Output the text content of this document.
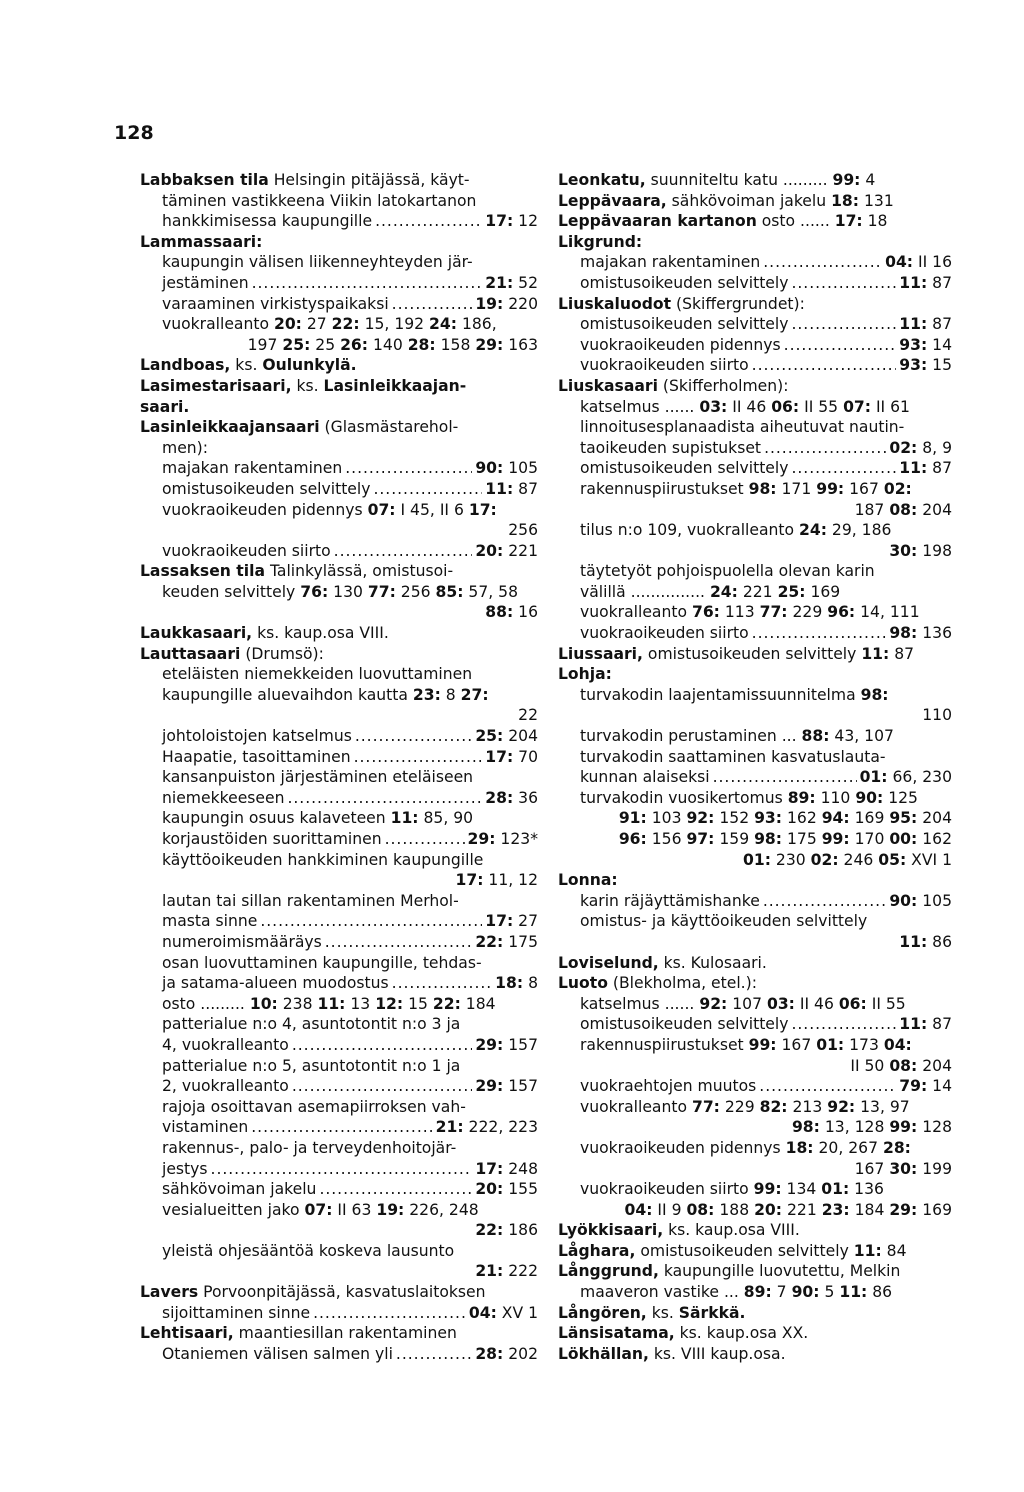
128
Labbaksen tila Helsingin pitäjässä, käyt-
täminen vastikkeena Viikin latokartanon
hankkimisessa kaupungille . . .	17: 12
Lammassaari:
kaupungin välisen liikenneyhteyden jär-
jestäminen . . .	21: 52
varaaminen virkistyspaikaksi . . .	19: 220
vuokralleanto 20: 27 22: 15, 192 24: 186,
197 25: 25 26: 140 28: 158 29: 163
Landboas, ks. Oulunkylä.
Lasimestarisaari, ks. Lasinleikkaajan-
saari.
Lasinleikkaajansaari (Glasmästarehol-
men):
majakan rakentaminen . . .	90: 105
omistusoikeuden selvittely . . .	11: 87
vuokraoikeuden pidennys 07: I 45, II 6 17:
256
vuokraoikeuden siirto . . .	20: 221
Lassaksen tila Talinkylässä, omistusoi-
keuden selvittely 76: 130 77: 256 85: 57, 58
88: 16
Laukkasaari, ks. kaup.osa VIII.
Lauttasaari (Drumsö):
eteläisten niemekkeiden luovuttaminen
kaupungille aluevaihdon kautta 23: 8 27:
22
johtoloistojen katselmus . . .	25: 204
Haapatie, tasoittaminen . . .	17: 70
kansanpuiston järjestäminen eteläiseen
niemekkeeseen . . .	28: 36
kaupungin osuus kalaveteen 11: 85, 90
korjaustöiden suorittaminen . . .	29: 123*
käyttöoikeuden hankkiminen kaupungille
17: 11, 12
lautan tai sillan rakentaminen Merhol-
masta sinne . . .	17: 27
numeroimismääräys . . .	22: 175
osan luovuttaminen kaupungille, tehdas-
ja satama-alueen muodostus . . .	18: 8
osto ......... 10: 238 11: 13 12: 15 22: 184
patterialue n:o 4, asuntotontit n:o 3 ja
4, vuokralleanto . . .	29: 157
patterialue n:o 5, asuntotontit n:o 1 ja
2, vuokralleanto . . .	29: 157
rajoja osoittavan asemapiirroksen vah-
vistaminen . . .	21: 222, 223
rakennus-, palo- ja terveydenhoitojär-
jestys . . .	17: 248
sähkövoiman jakelu . . .	20: 155
vesialueitten jako 07: II 63 19: 226, 248
22: 186
yleistä ohjesääntöä koskeva lausunto
21: 222
Lavers Porvoonpitäjässä, kasvatuslaitoksen
sijoittaminen sinne . . .	04: XV 1
Lehtisaari, maantiesillan rakentaminen
Otaniemen välisen salmen yli . . .	28: 202
Leonkatu, suunniteltu katu ......... 99: 4
Leppävaara, sähkövoiman jakelu 18: 131
Leppävaaran kartanon osto ...... 17: 18
Likgrund:
majakan rakentaminen . . .	04: II 16
omistusoikeuden selvittely . . .	11: 87
Liuskaluodot (Skiffergrundet):
omistusoikeuden selvittely . . .	11: 87
vuokraoikeuden pidennys . . .	93: 14
vuokraoikeuden siirto . . .	93: 15
Liuskasaari (Skifferholmen):
katselmus ...... 03: II 46 06: II 55 07: II 61
linnoitusesplanaadista aiheutuvat nautin-
taoikeuden supistukset . . .	02: 8, 9
omistusoikeuden selvittely . . .	11: 87
rakennuspiirustukset 98: 171 99: 167 02:
187 08: 204
tilus n:o 109, vuokralleanto 24: 29, 186
30: 198
täytetyöt pohjoispuolella olevan karin
välillä ............... 24: 221 25: 169
vuokralleanto 76: 113 77: 229 96: 14, 111
vuokraoikeuden siirto . . .	98: 136
Liussaari, omistusoikeuden selvittely 11: 87
Lohja:
turvakodin laajentamissuunnitelma 98:
110
turvakodin perustaminen ... 88: 43, 107
turvakodin saattaminen kasvatuslauta-
kunnan alaiseksi . . .	01: 66, 230
turvakodin vuosikertomus 89: 110 90: 125
91: 103 92: 152 93: 162 94: 169 95: 204
96: 156 97: 159 98: 175 99: 170 00: 162
01: 230 02: 246 05: XVI 1
Lonna:
karin räjäyttämishanke . . .	90: 105
omistus- ja käyttöoikeuden selvittely
11: 86
Loviselund, ks. Kulosaari.
Luoto (Blekholma, etel.):
katselmus ...... 92: 107 03: II 46 06: II 55
omistusoikeuden selvittely . . .	11: 87
rakennuspiirustukset 99: 167 01: 173 04:
II 50 08: 204
vuokraehtojen muutos . . .	79: 14
vuokralleanto 77: 229 82: 213 92: 13, 97
98: 13, 128 99: 128
vuokraoikeuden pidennys 18: 20, 267 28:
167 30: 199
vuokraoikeuden siirto 99: 134 01: 136
04: II 9 08: 188 20: 221 23: 184 29: 169
Lyökkisaari, ks. kaup.osa VIII.
Låghara, omistusoikeuden selvittely 11: 84
Långgrund, kaupungille luovutettu, Melkin
maaveron vastike ... 89: 7 90: 5 11: 86
Långören, ks. Särkkä.
Länsisatama, ks. kaup.osa XX.
Lökhällan, ks. VIII kaup.osa.
